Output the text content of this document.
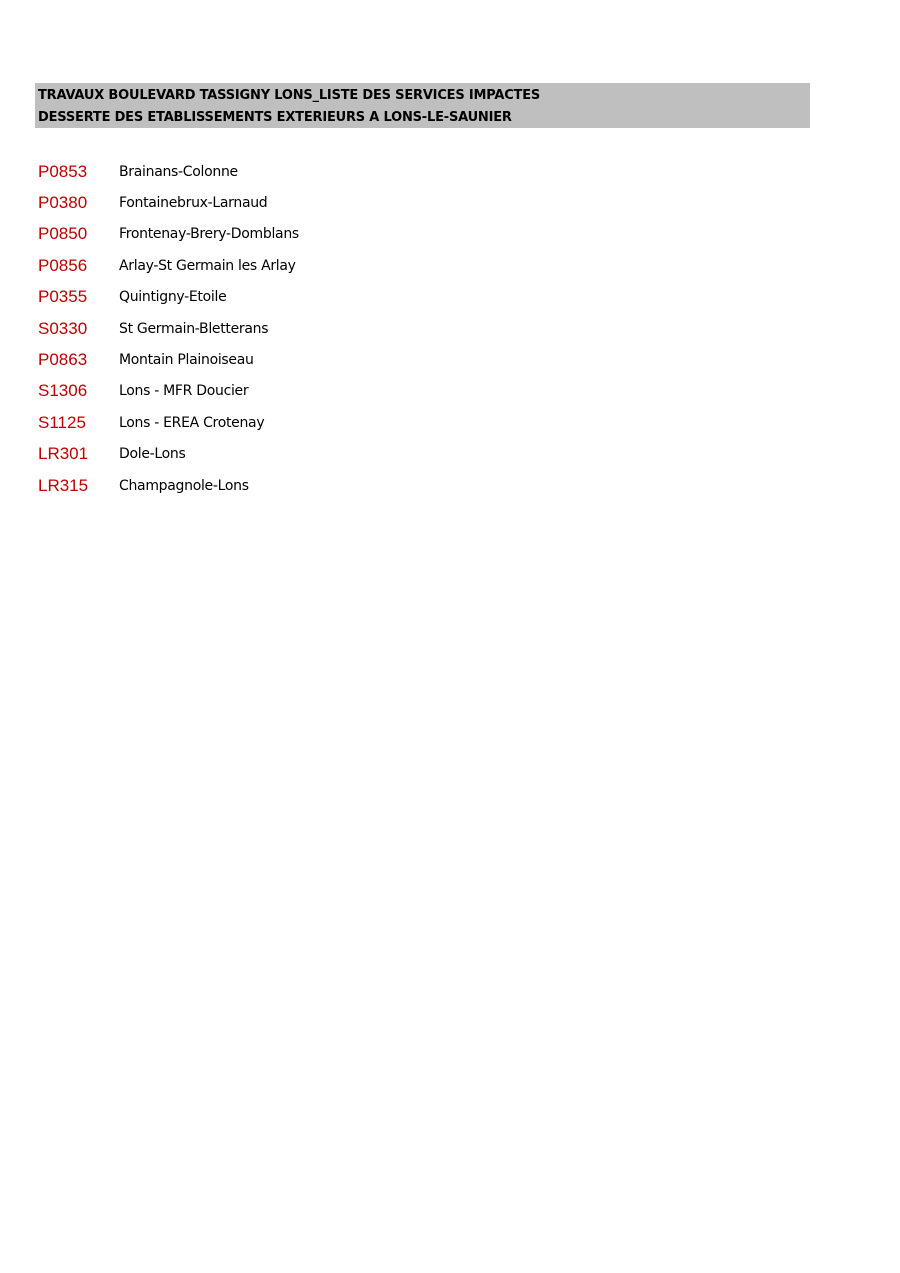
TRAVAUX BOULEVARD TASSIGNY LONS_LISTE DES SERVICES IMPACTES
DESSERTE DES ETABLISSEMENTS EXTERIEURS A LONS-LE-SAUNIER
P0853	Brainans-Colonne
P0380	Fontainebrux-Larnaud
P0850	Frontenay-Brery-Domblans
P0856	Arlay-St Germain les Arlay
P0355	Quintigny-Etoile
S0330	St Germain-Bletterans
P0863	Montain Plainoiseau
S1306	Lons - MFR Doucier
S1125	Lons - EREA Crotenay
LR301	Dole-Lons
LR315	Champagnole-Lons
